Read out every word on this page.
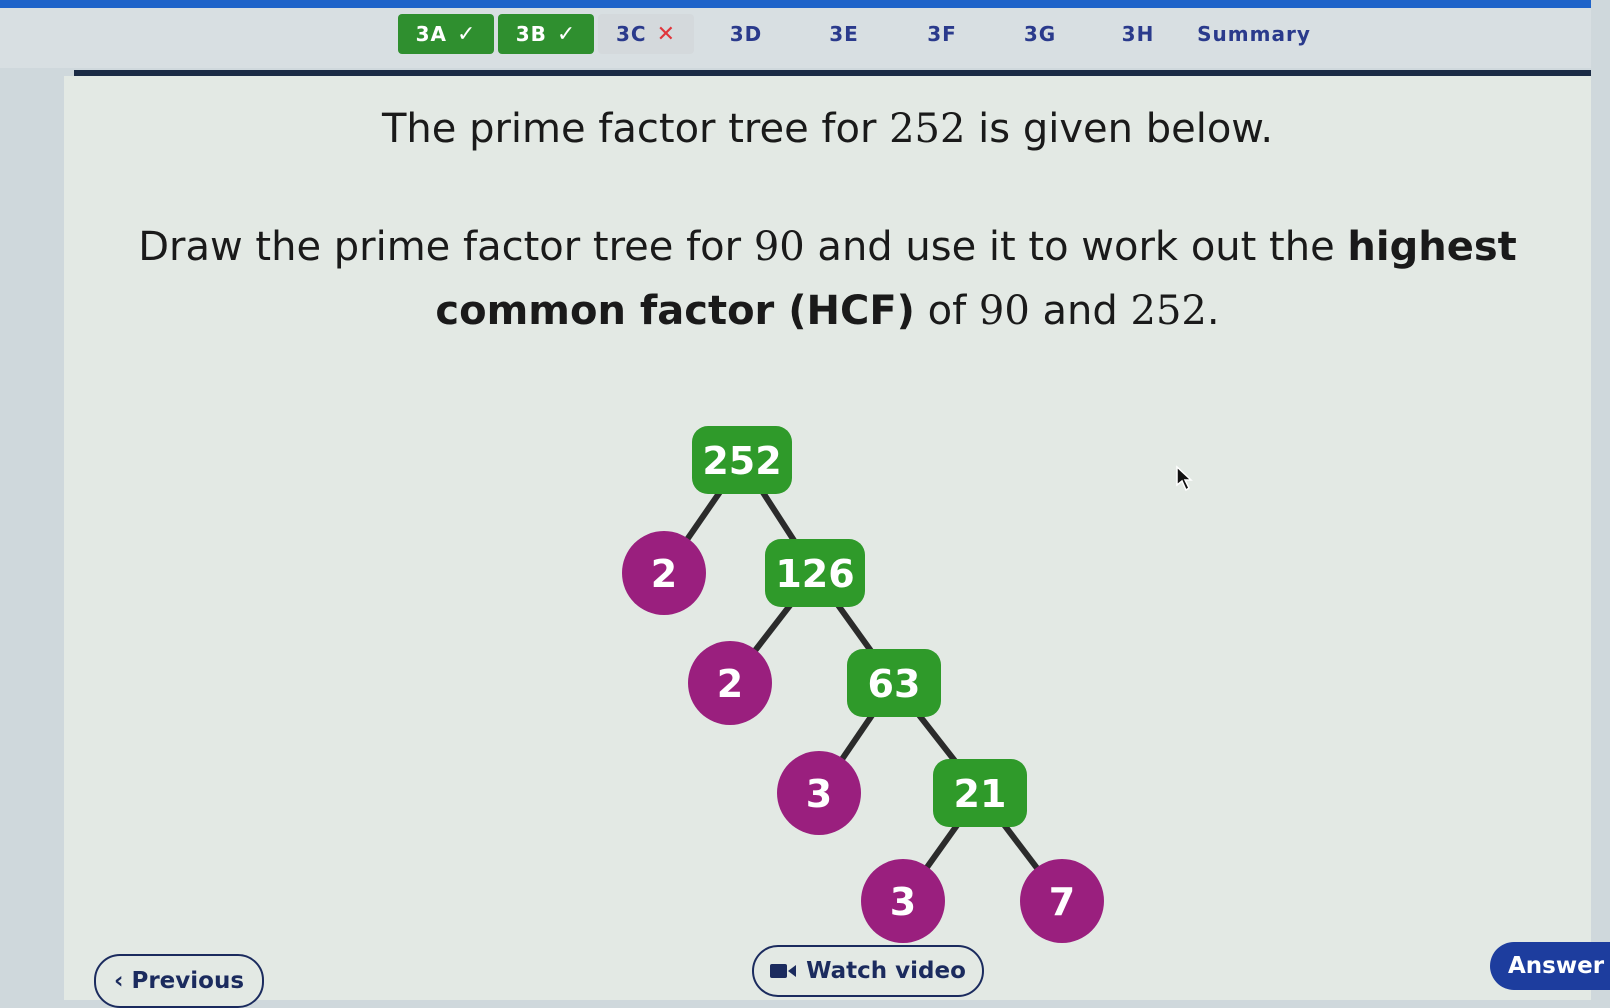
3A ✓ 3B ✓ 3C ✕	3D	3E	3F	3G	3H Summary

The prime factor tree for 252 is given below.

Draw the prime factor tree for 90 and use it to work out the highest

common factor (HCF) of 90 and 252.

252
2	126
2	63
3	21
3	7
‹ Previous	Watch video	Answer
